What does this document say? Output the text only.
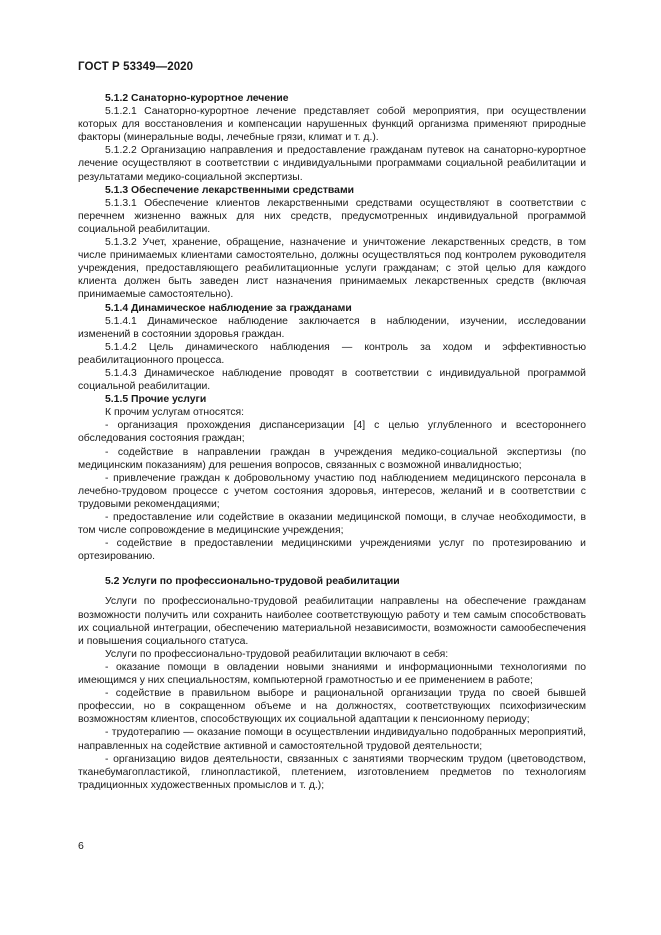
ГОСТ Р 53349—2020

5.1.2 Санаторно-курортное лечение

5.1.2.1 Санаторно-курортное лечение представляет собой мероприятия, при осуществлении которых для восстановления и компенсации нарушенных функций организма применяют природные факторы (минеральные воды, лечебные грязи, климат и т. д.).

5.1.2.2 Организацию направления и предоставление гражданам путевок на санаторно-курортное лечение осуществляют в соответствии с индивидуальными программами социальной реабилитации и результатами медико-социальной экспертизы.

5.1.3 Обеспечение лекарственными средствами

5.1.3.1 Обеспечение клиентов лекарственными средствами осуществляют в соответствии с перечнем жизненно важных для них средств, предусмотренных индивидуальной программой социальной реабилитации.

5.1.3.2 Учет, хранение, обращение, назначение и уничтожение лекарственных средств, в том числе принимаемых клиентами самостоятельно, должны осуществляться под контролем руководителя учреждения, предоставляющего реабилитационные услуги гражданам; с этой целью для каждого клиента должен быть заведен лист назначения принимаемых лекарственных средств (включая принимаемые самостоятельно).

5.1.4 Динамическое наблюдение за гражданами

5.1.4.1 Динамическое наблюдение заключается в наблюдении, изучении, исследовании изменений в состоянии здоровья граждан.

5.1.4.2 Цель динамического наблюдения — контроль за ходом и эффективностью реабилитационного процесса.

5.1.4.3 Динамическое наблюдение проводят в соответствии с индивидуальной программой социальной реабилитации.

5.1.5 Прочие услуги

К прочим услугам относятся:

- организация прохождения диспансеризации [4] с целью углубленного и всестороннего обследования состояния граждан;

- содействие в направлении граждан в учреждения медико-социальной экспертизы (по медицинским показаниям) для решения вопросов, связанных с возможной инвалидностью;

- привлечение граждан к добровольному участию под наблюдением медицинского персонала в лечебно-трудовом процессе с учетом состояния здоровья, интересов, желаний и в соответствии с трудовыми рекомендациями;

- предоставление или содействие в оказании медицинской помощи, в случае необходимости, в том числе сопровождение в медицинские учреждения;

- содействие в предоставлении медицинскими учреждениями услуг по протезированию и ортезированию.

5.2 Услуги по профессионально-трудовой реабилитации

Услуги по профессионально-трудовой реабилитации направлены на обеспечение гражданам возможности получить или сохранить наиболее соответствующую работу и тем самым способствовать их социальной интеграции, обеспечению материальной независимости, возможности самообеспечения и повышения социального статуса.

Услуги по профессионально-трудовой реабилитации включают в себя:

- оказание помощи в овладении новыми знаниями и информационными технологиями по имеющимся у них специальностям, компьютерной грамотностью и ее применением в работе;

- содействие в правильном выборе и рациональной организации труда по своей бывшей профессии, но в сокращенном объеме и на должностях, соответствующих психофизическим возможностям клиентов, способствующих их социальной адаптации к пенсионному периоду;

- трудотерапию — оказание помощи в осуществлении индивидуально подобранных мероприятий, направленных на содействие активной и самостоятельной трудовой деятельности;

- организацию видов деятельности, связанных с занятиями творческим трудом (цветоводством, тканебумагопластикой, глинопластикой, плетением, изготовлением предметов по технологиям традиционных художественных промыслов и т. д.);

6
